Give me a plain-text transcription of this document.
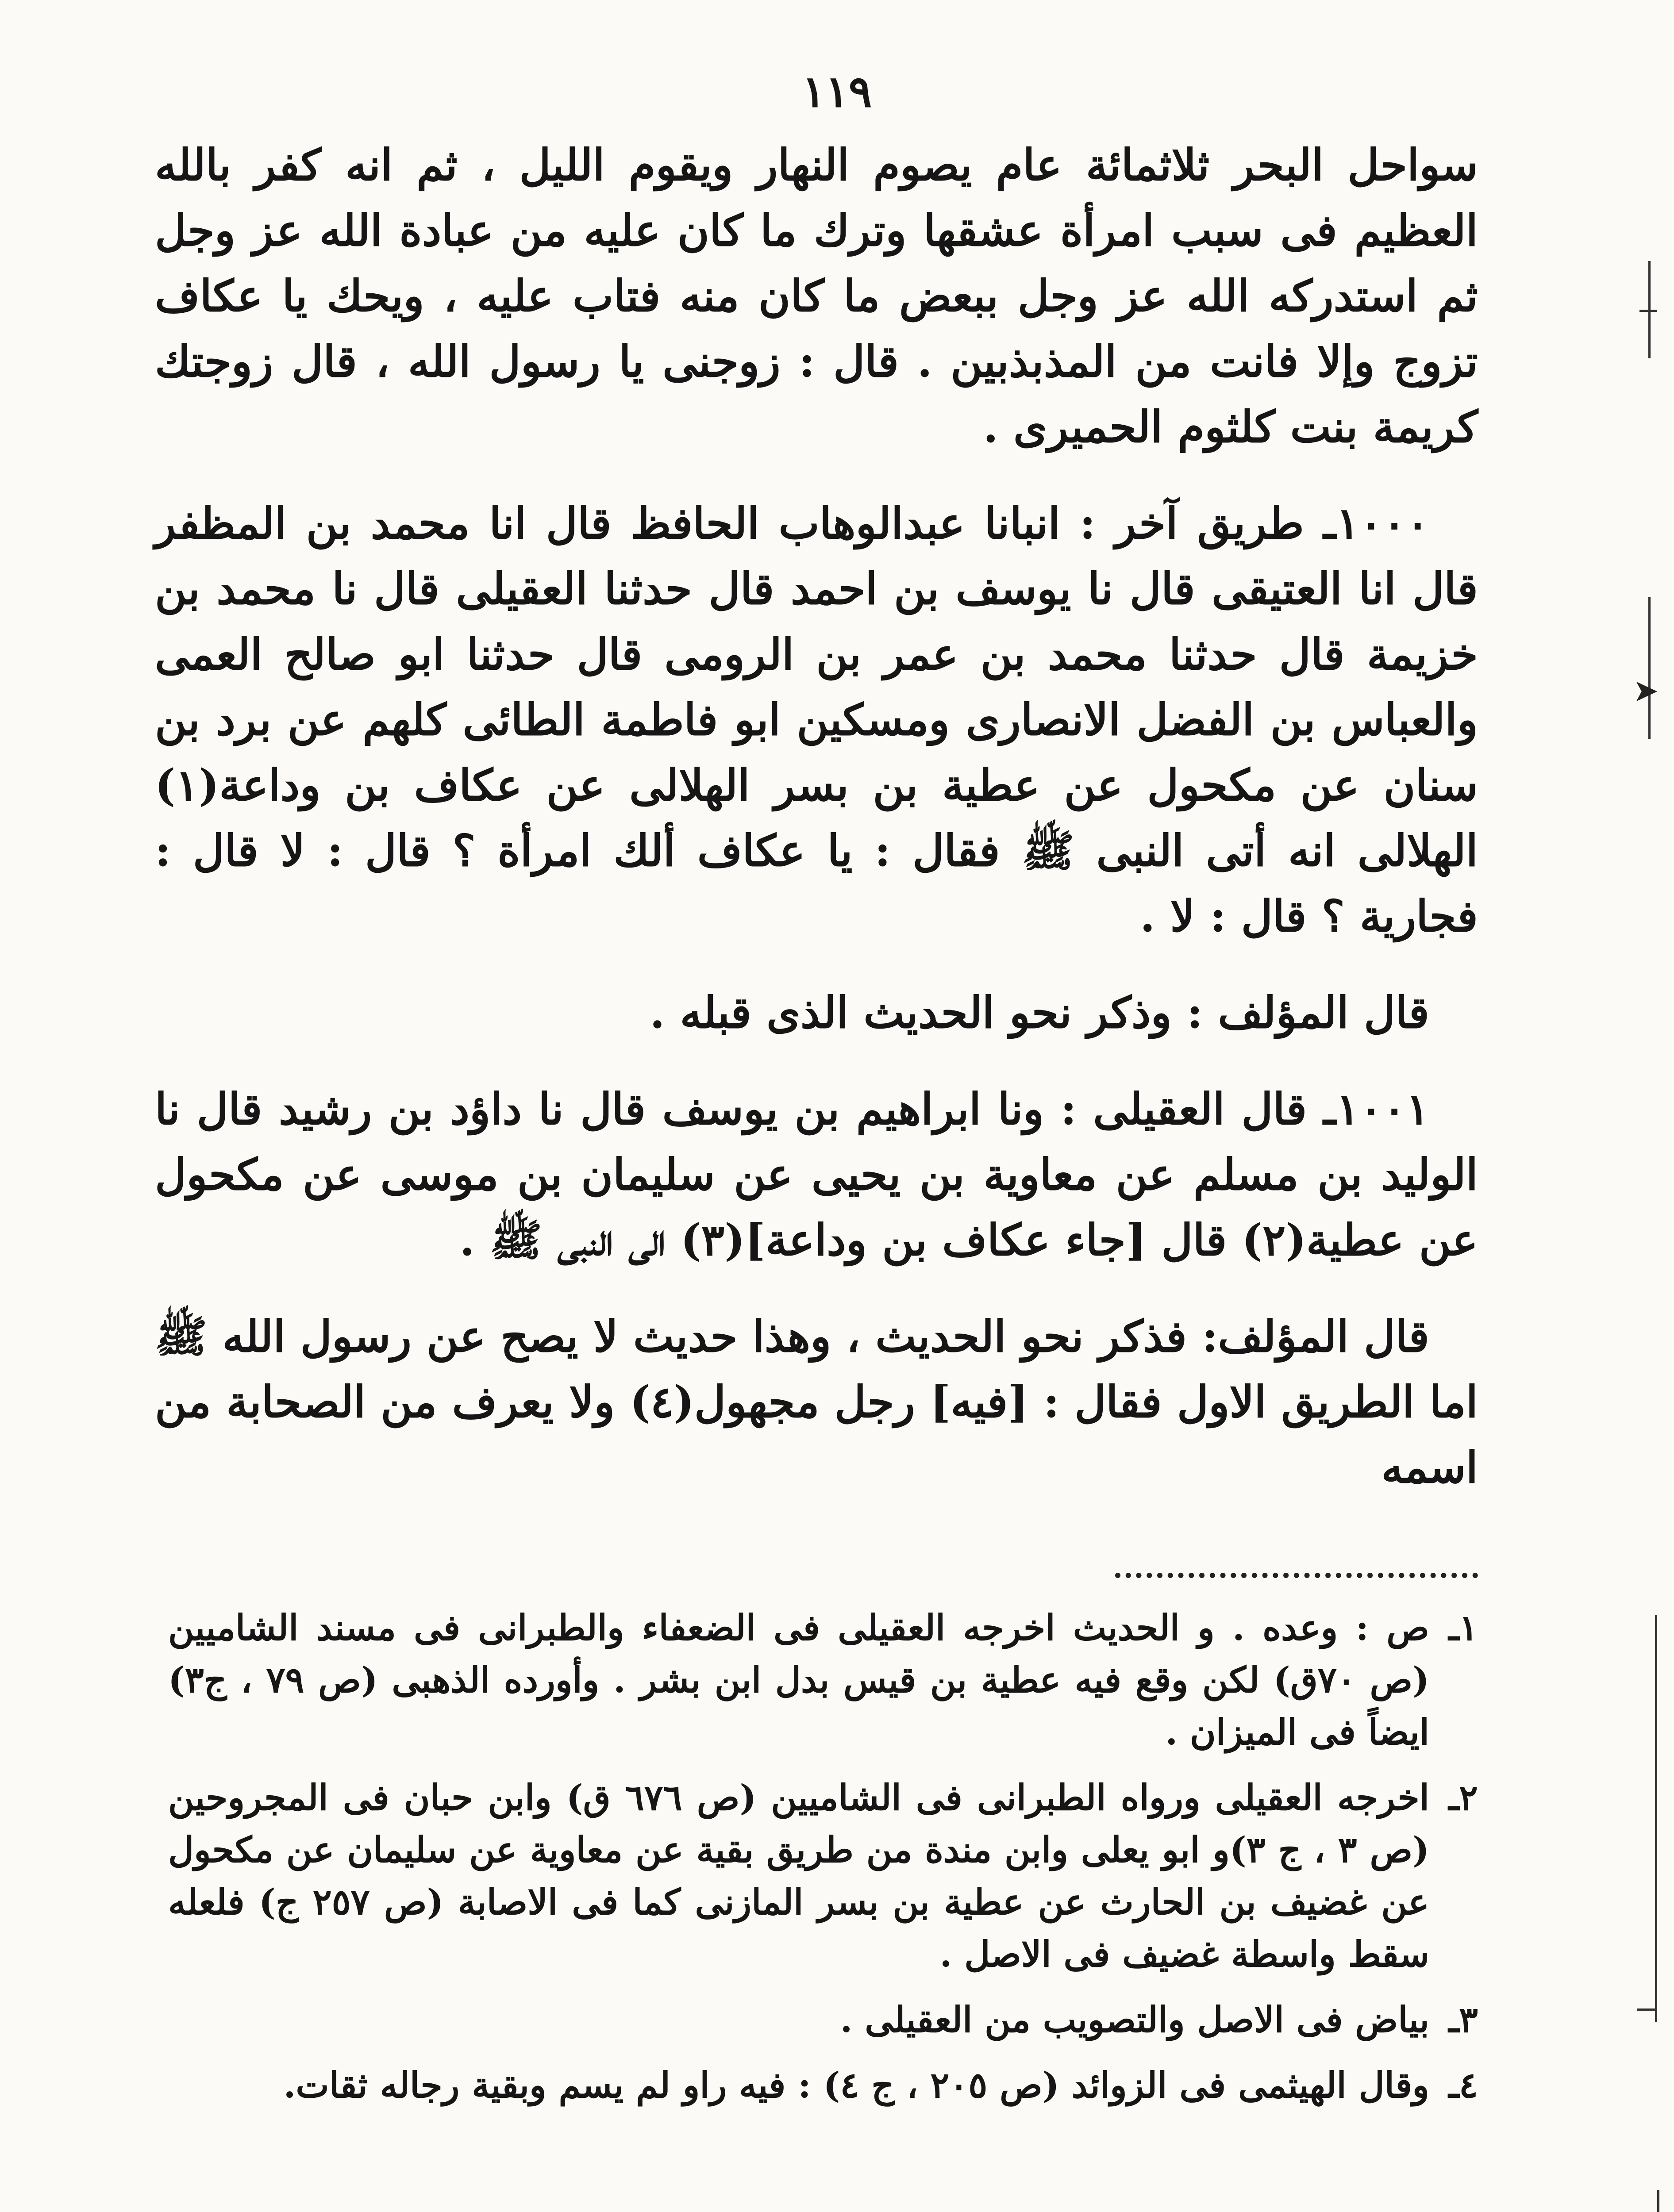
١١٩

سواحل البحر ثلاثمائة عام يصوم النهار ويقوم الليل ، ثم انه كفر بالله العظيم فى سبب امرأة عشقها وترك ما كان عليه من عبادة الله عز وجل ثم استدركه الله عز وجل ببعض ما كان منه فتاب عليه ، ويحك يا عكاف تزوج وإلا فانت من المذبذبين . قال : زوجنى يا رسول الله ، قال زوجتك كريمة بنت كلثوم الحميرى .

١٠٠٠ـ طريق آخر : انبانا عبدالوهاب الحافظ قال انا محمد بن المظفر قال انا العتيقى قال نا يوسف بن احمد قال حدثنا العقيلى قال نا محمد بن خزيمة قال حدثنا محمد بن عمر بن الرومى قال حدثنا ابو صالح العمى والعباس بن الفضل الانصارى ومسكين ابو فاطمة الطائى كلهم عن برد بن سنان عن مكحول عن عطية بن بسر الهلالى عن عكاف بن وداعة(١) الهلالى انه أتى النبى ﷺ فقال : يا عكاف ألك امرأة ؟ قال : لا قال : فجارية ؟ قال : لا .

قال المؤلف : وذكر نحو الحديث الذى قبله .

١٠٠١ـ قال العقيلى : ونا ابراهيم بن يوسف قال نا داؤد بن رشيد قال نا الوليد بن مسلم عن معاوية بن يحيى عن سليمان بن موسى عن مكحول عن عطية(٢) قال [جاء عكاف بن وداعة](٣) الى النبى ﷺ .

قال المؤلف: فذكر نحو الحديث ، وهذا حديث لا يصح عن رسول الله ﷺ اما الطريق الاول فقال : [فيه] رجل مجهول(٤) ولا يعرف من الصحابة من اسمه

١ـ
ص : وعده . و الحديث اخرجه العقيلى فى الضعفاء والطبرانى فى مسند الشاميين (ص ٧٠ق) لكن وقع فيه عطية بن قيس بدل ابن بشر . وأورده الذهبى (ص ٧٩ ، ج٣) ايضاً فى الميزان .
٢ـ
اخرجه العقيلى ورواه الطبرانى فى الشاميين (ص ٦٧٦ ق) وابن حبان فى المجروحين (ص ٣ ، ج ٣)و ابو يعلى وابن مندة من طريق بقية عن معاوية عن سليمان عن مكحول عن غضيف بن الحارث عن عطية بن بسر المازنى كما فى الاصابة (ص ٢٥٧ ج) فلعله سقط واسطة غضيف فى الاصل .
٣ـ
بياض فى الاصل والتصويب من العقيلى .
٤ـ
وقال الهيثمى فى الزوائد (ص ٢٠٥ ، ج ٤) : فيه راو لم يسم وبقية رجاله ثقات.
➤
